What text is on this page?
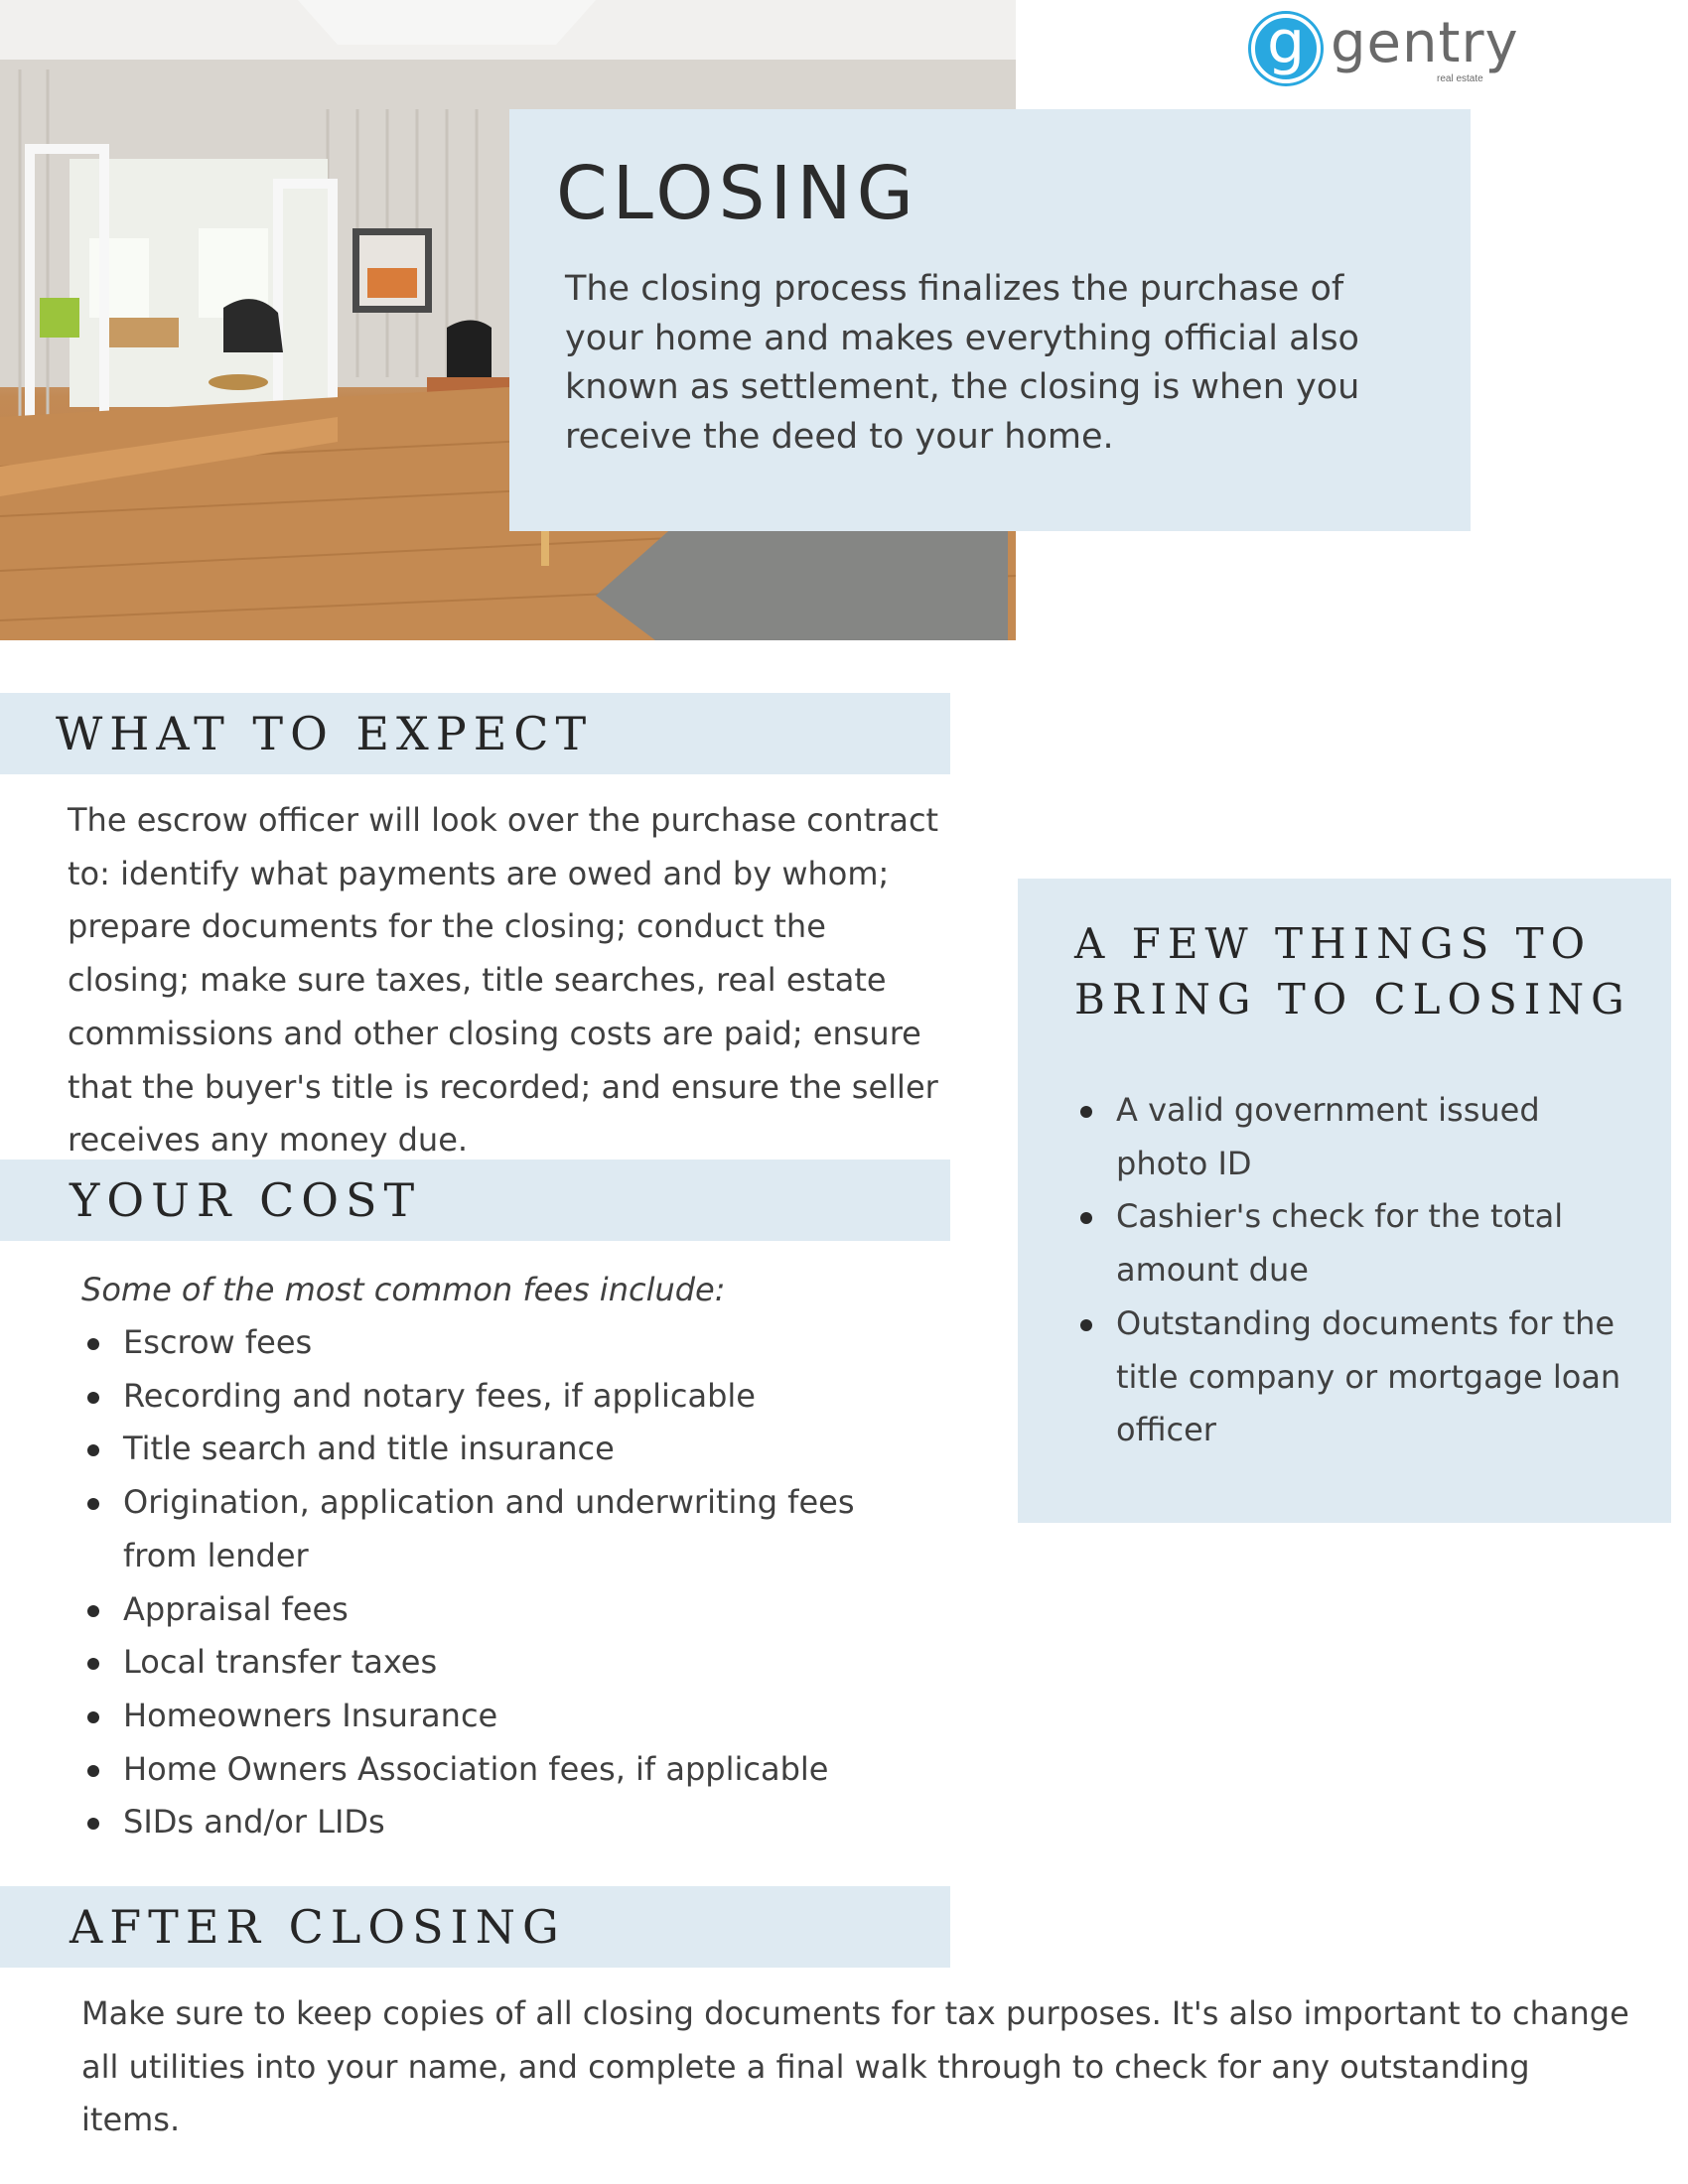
g gentry
real estate
CLOSING

The closing process finalizes the purchase of your home and makes everything official also known as settlement, the closing is when you receive the deed to your home.

WHAT TO EXPECT

The escrow officer will look over the purchase contract to: identify what payments are owed and by whom; prepare documents for the closing; conduct the closing; make sure taxes, title searches, real estate commissions and other closing costs are paid; ensure that the buyer's title is recorded; and ensure the seller receives any money due.

YOUR COST

Some of the most common fees include:

Escrow fees
Recording and notary fees, if applicable
Title search and title insurance
Origination, application and underwriting fees from lender
Appraisal fees
Local transfer taxes
Homeowners Insurance
Home Owners Association fees, if applicable
SIDs and/or LIDs
A FEW THINGS TO BRING TO CLOSING
A valid government issued photo ID
Cashier's check for the total amount due
Outstanding documents for the title company or mortgage loan officer
AFTER CLOSING

Make sure to keep copies of all closing documents for tax purposes. It's also important to change all utilities into your name, and complete a final walk through to check for any outstanding items.
